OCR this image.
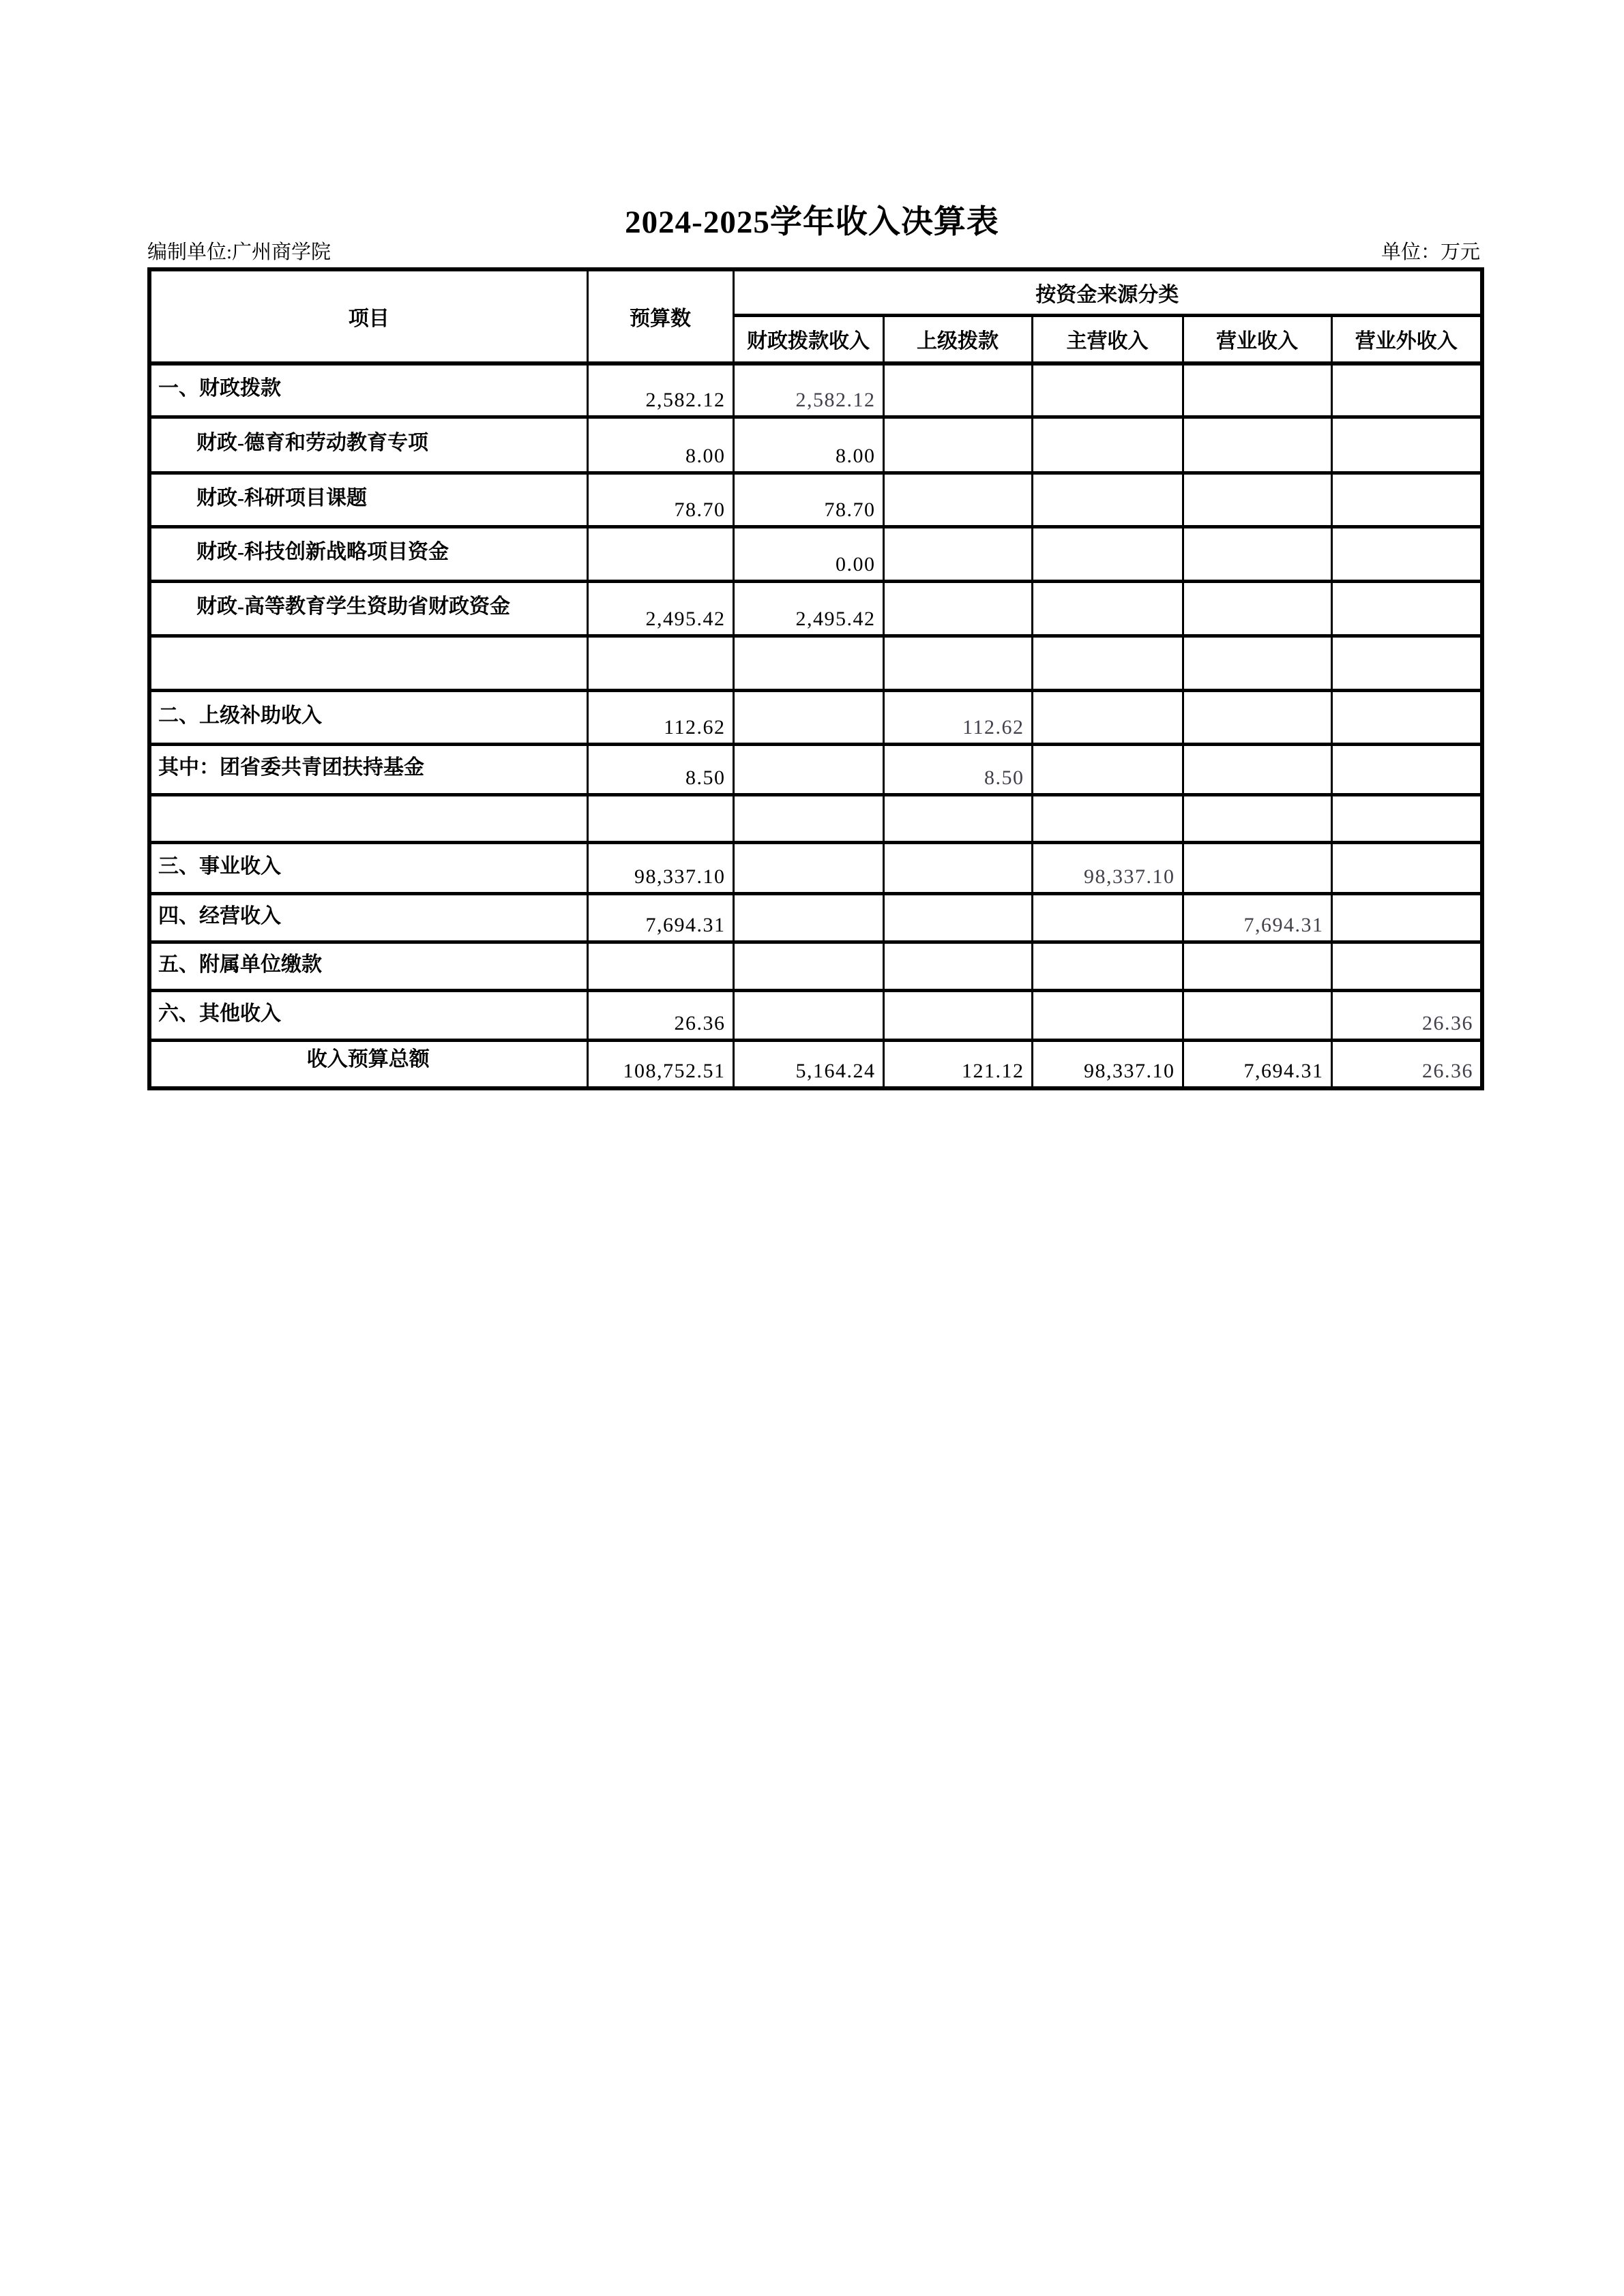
2024-2025学年收入决算表
编制单位:广州商学院	单位：万元
项目	预算数	按资金来源分类				
		财政拨款收入	上级拨款	主营收入	营业收入	营业外收入
一、财政拨款	2,582.12	2,582.12				
财政-德育和劳动教育专项	8.00	8.00				
财政-科研项目课题	78.70	78.70				
财政-科技创新战略项目资金		0.00				
财政-高等教育学生资助省财政资金	2,495.42	2,495.42				

二、上级补助收入	112.62		112.62			
其中：团省委共青团扶持基金	8.50		8.50			

三、事业收入	98,337.10			98,337.10		
四、经营收入	7,694.31				7,694.31	
五、附属单位缴款						
六、其他收入	26.36					26.36
收入预算总额	108,752.51	5,164.24	121.12	98,337.10	7,694.31	26.36
